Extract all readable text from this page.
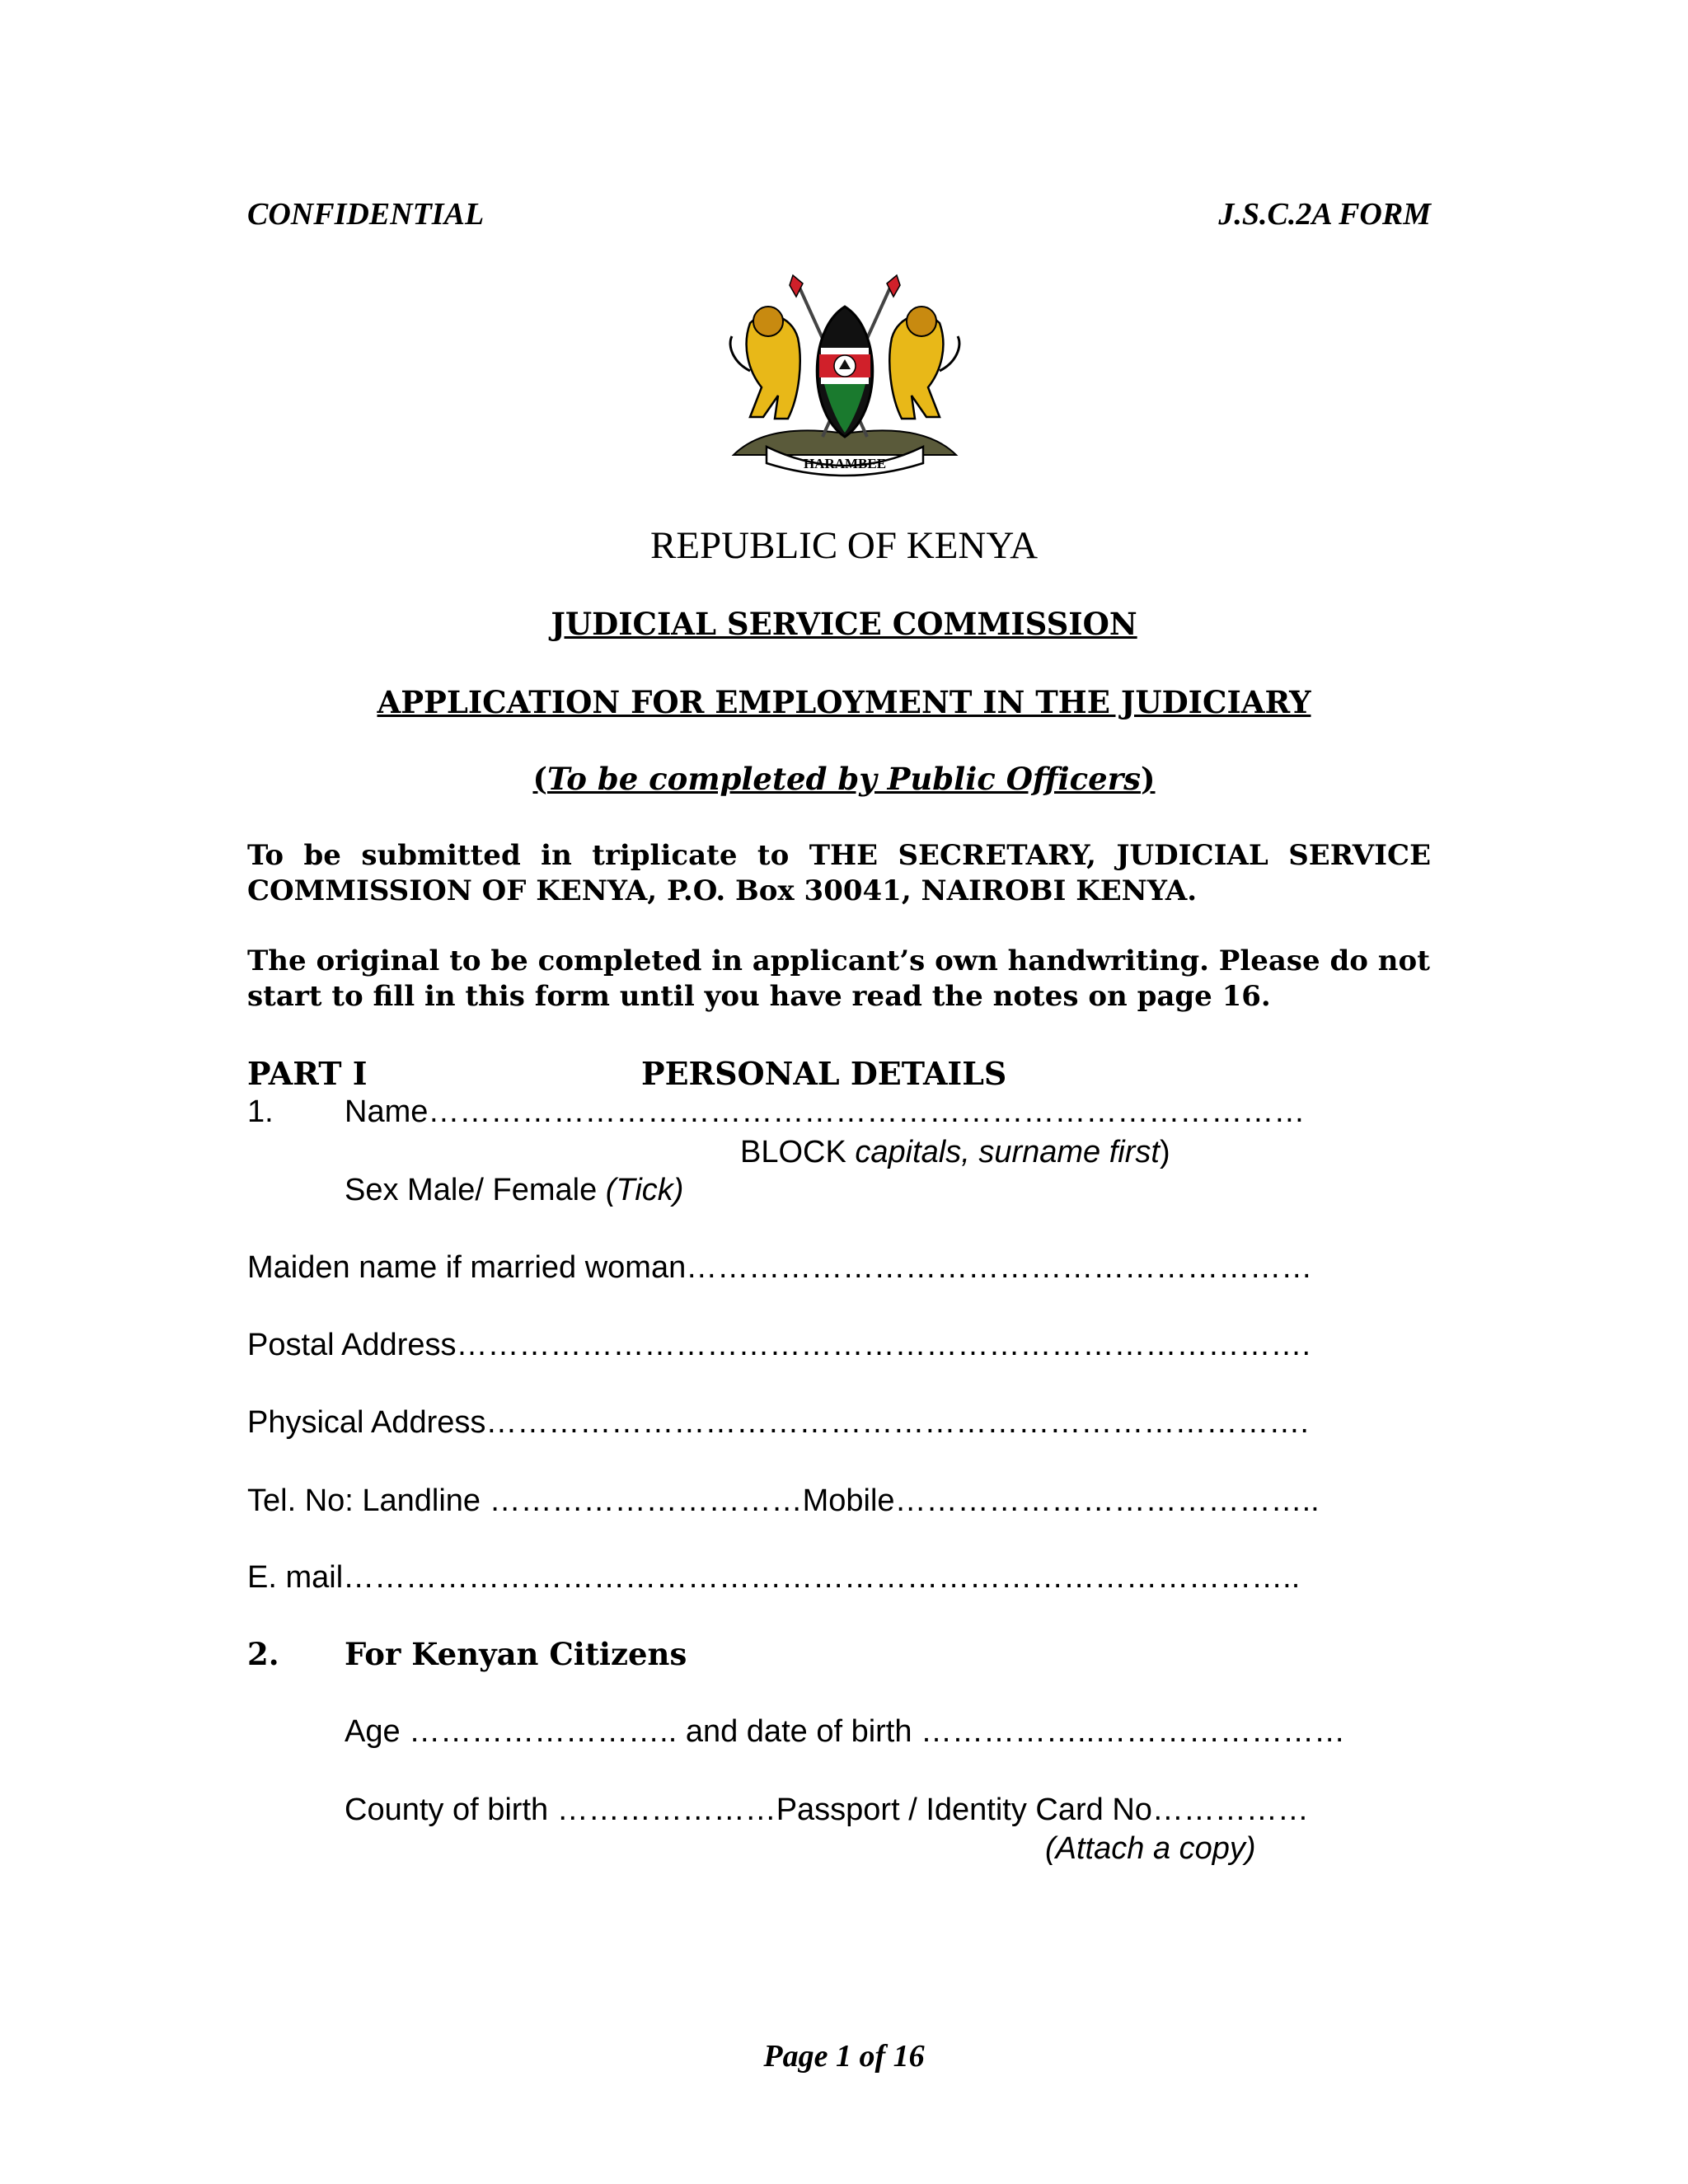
CONFIDENTIAL	J.S.C.2A FORM
HARAMBEE
REPUBLIC OF KENYA
JUDICIAL SERVICE COMMISSION
APPLICATION FOR EMPLOYMENT IN THE JUDICIARY
(To be completed by Public Officers)
To be submitted in triplicate to THE SECRETARY, JUDICIAL SERVICE COMMISSION OF KENYA, P.O. Box 30041, NAIROBI KENYA.
The original to be completed in applicant’s own handwriting. Please do not start to fill in this form until you have read the notes on page 16.
PART I	PERSONAL DETAILS
1. Name…………………………………………………………………………
BLOCK capitals, surname first)
Sex Male/ Female (Tick)
Maiden name if married woman……………………………………………………
Postal Address……………………………………………………………………….
Physical Address…………………………………………………………………….
Tel. No: Landline …………………………Mobile…………………………………..
E. mail………………………………………………………………………………..
2. For Kenyan Citizens
Age …………………….. and date of birth ……………..……………………
County of birth …………………Passport / Identity Card No……………
(Attach a copy)
Page 1 of 16
